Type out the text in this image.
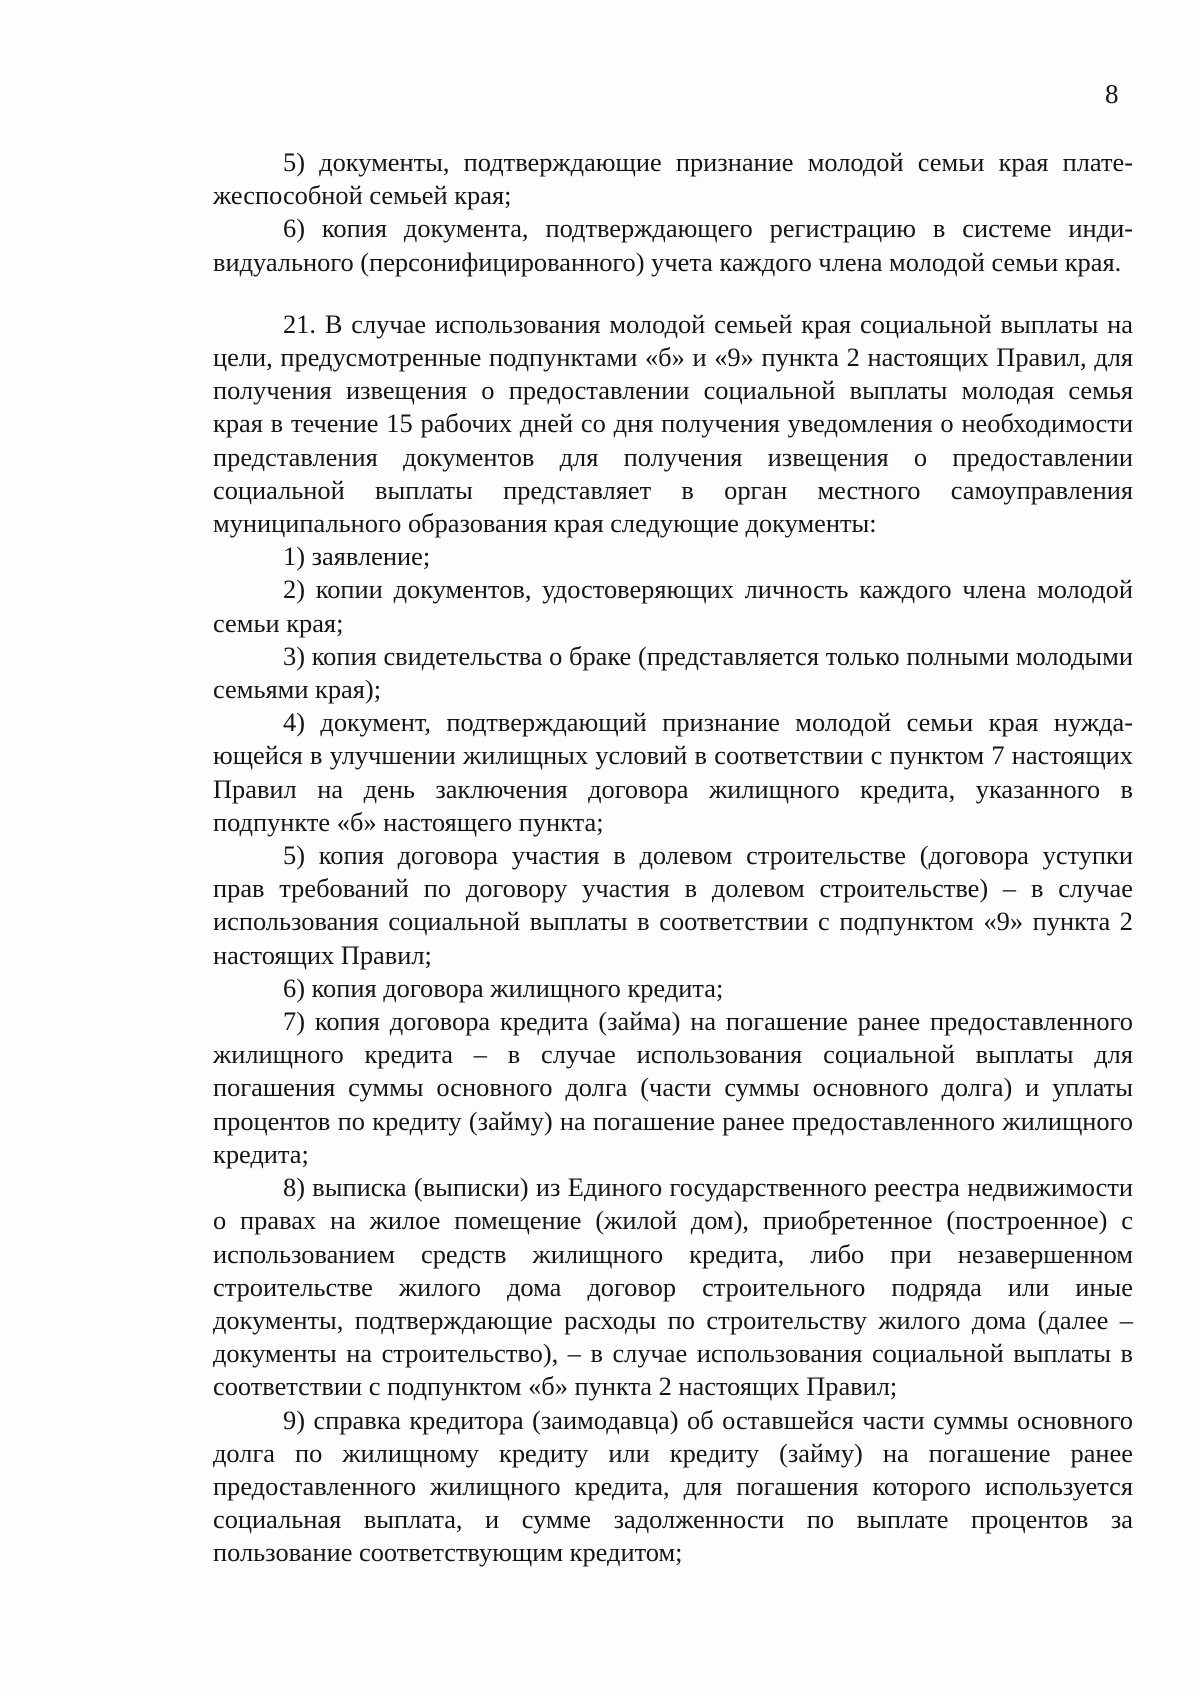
8

5) документы, подтверждающие признание молодой семьи края платежеспособной семьей края;

6) копия документа, подтверждающего регистрацию в системе индивидуального (персонифицированного) учета каждого члена молодой семьи края.

21. В случае использования молодой семьей края социальной выплаты на цели, предусмотренные подпунктами «б» и «9» пункта 2 настоящих Правил, для получения извещения о предоставлении социальной выплаты молодая семья края в течение 15 рабочих дней со дня получения уведомления о необходимости представления документов для получения извещения о предоставлении социальной выплаты представляет в орган местного самоуправления муниципального образования края следующие документы:

1) заявление;

2) копии документов, удостоверяющих личность каждого члена молодой семьи края;

3) копия свидетельства о браке (представляется только полными молодыми семьями края);

4) документ, подтверждающий признание молодой семьи края нуждающейся в улучшении жилищных условий в соответствии с пунктом 7 настоящих Правил на день заключения договора жилищного кредита, указанного в подпункте «б» настоящего пункта;

5) копия договора участия в долевом строительстве (договора уступки прав требований по договору участия в долевом строительстве) – в случае использования социальной выплаты в соответствии с подпунктом «9» пункта 2 настоящих Правил;

6) копия договора жилищного кредита;

7) копия договора кредита (займа) на погашение ранее предоставленного жилищного кредита – в случае использования социальной выплаты для погашения суммы основного долга (части суммы основного долга) и уплаты процентов по кредиту (займу) на погашение ранее предоставленного жилищного кредита;

8) выписка (выписки) из Единого государственного реестра недвижимости о правах на жилое помещение (жилой дом), приобретенное (построенное) с использованием средств жилищного кредита, либо при незавершенном строительстве жилого дома договор строительного подряда или иные документы, подтверждающие расходы по строительству жилого дома (далее – документы на строительство), – в случае использования социальной выплаты в соответствии с подпунктом «б» пункта 2 настоящих Правил;

9) справка кредитора (заимодавца) об оставшейся части суммы основного долга по жилищному кредиту или кредиту (займу) на погашение ранее предоставленного жилищного кредита, для погашения которого используется социальная выплата, и сумме задолженности по выплате процентов за пользование соответствующим кредитом;
